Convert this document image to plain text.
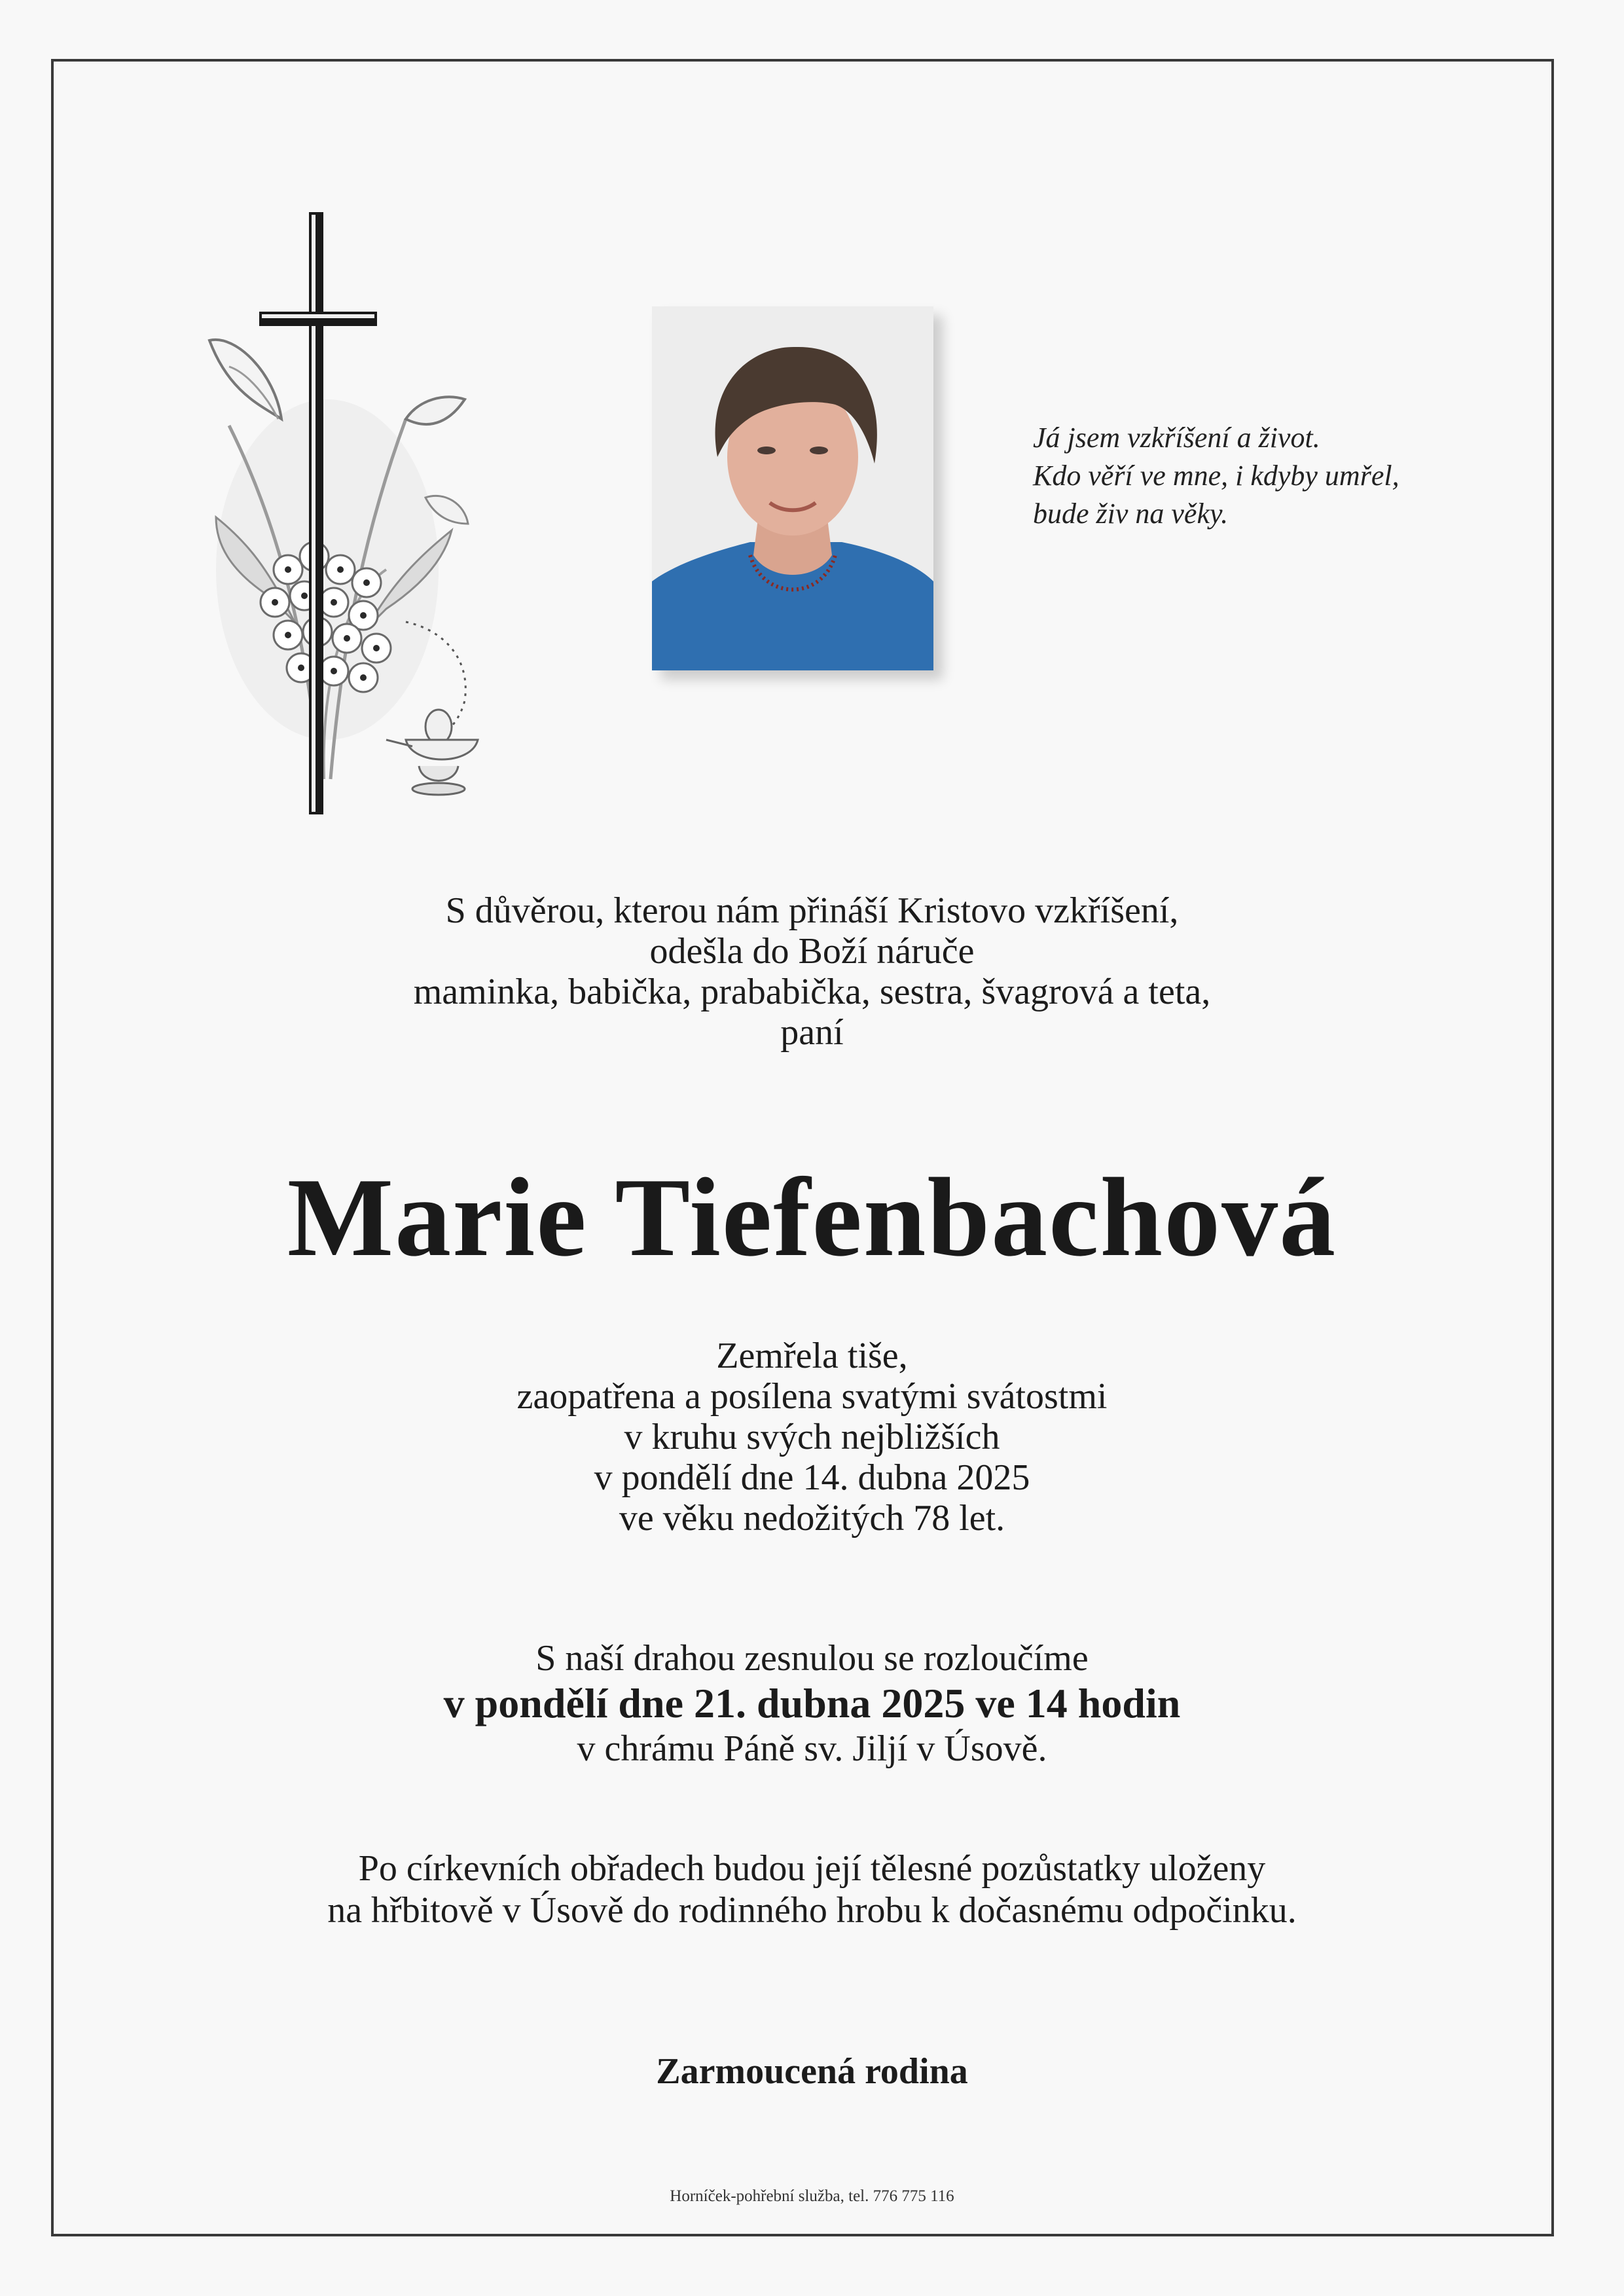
Já jsem vzkříšení a život.
Kdo věří ve mne, i kdyby umřel,
bude živ na věky.
S důvěrou, kterou nám přináší Kristovo vzkříšení,
odešla do Boží náruče
maminka, babička, prababička, sestra, švagrová a teta,
paní
Marie Tiefenbachová
Zemřela tiše,
zaopatřena a posílena svatými svátostmi
v kruhu svých nejbližších
v pondělí dne 14. dubna 2025
ve věku nedožitých 78 let.
S naší drahou zesnulou se rozloučíme
v pondělí dne 21. dubna 2025 ve 14 hodin
v chrámu Páně sv. Jiljí v Úsově.
Po církevních obřadech budou její tělesné pozůstatky uloženy
na hřbitově v Úsově do rodinného hrobu k dočasnému odpočinku.
Zarmoucená rodina
Horníček-pohřební služba, tel. 776 775 116
